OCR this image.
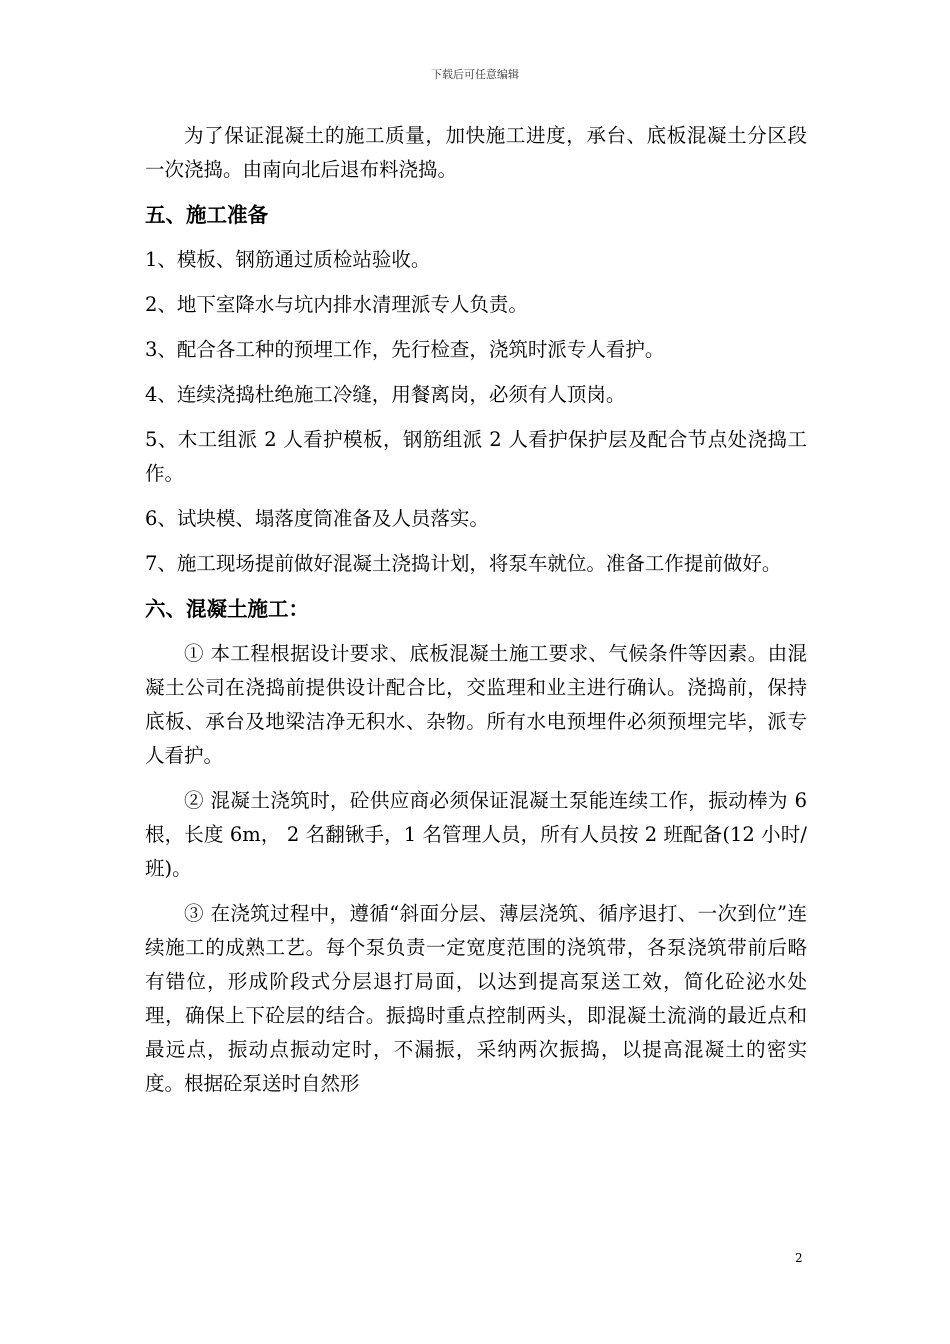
下载后可任意编辑

为了保证混凝土的施工质量，加快施工进度，承台、底板混凝土分区段一次浇捣。由南向北后退布料浇捣。

五、施工准备

1、模板、钢筋通过质检站验收。

2、地下室降水与坑内排水清理派专人负责。

3、配合各工种的预埋工作，先行检查，浇筑时派专人看护。

4、连续浇捣杜绝施工冷缝，用餐离岗，必须有人顶岗。

5、木工组派 2 人看护模板，钢筋组派 2 人看护保护层及配合节点处浇捣工作。

6、试块模、塌落度筒准备及人员落实。

7、施工现场提前做好混凝土浇捣计划，将泵车就位。准备工作提前做好。

六、混凝土施工：

① 本工程根据设计要求、底板混凝土施工要求、气候条件等因素。由混凝土公司在浇捣前提供设计配合比，交监理和业主进行确认。浇捣前，保持底板、承台及地梁洁净无积水、杂物。所有水电预埋件必须预埋完毕，派专人看护。

② 混凝土浇筑时，砼供应商必须保证混凝土泵能连续工作，振动棒为 6 根，长度 6m， 2 名翻锹手，1 名管理人员，所有人员按 2 班配备(12 小时/班)。

③ 在浇筑过程中，遵循“斜面分层、薄层浇筑、循序退打、一次到位”连续施工的成熟工艺。每个泵负责一定宽度范围的浇筑带，各泵浇筑带前后略有错位，形成阶段式分层退打局面，以达到提高泵送工效，简化砼泌水处理，确保上下砼层的结合。振捣时重点控制两头，即混凝土流淌的最近点和最远点，振动点振动定时，不漏振，采纳两次振捣，以提高混凝土的密实度。根据砼泵送时自然形

2
